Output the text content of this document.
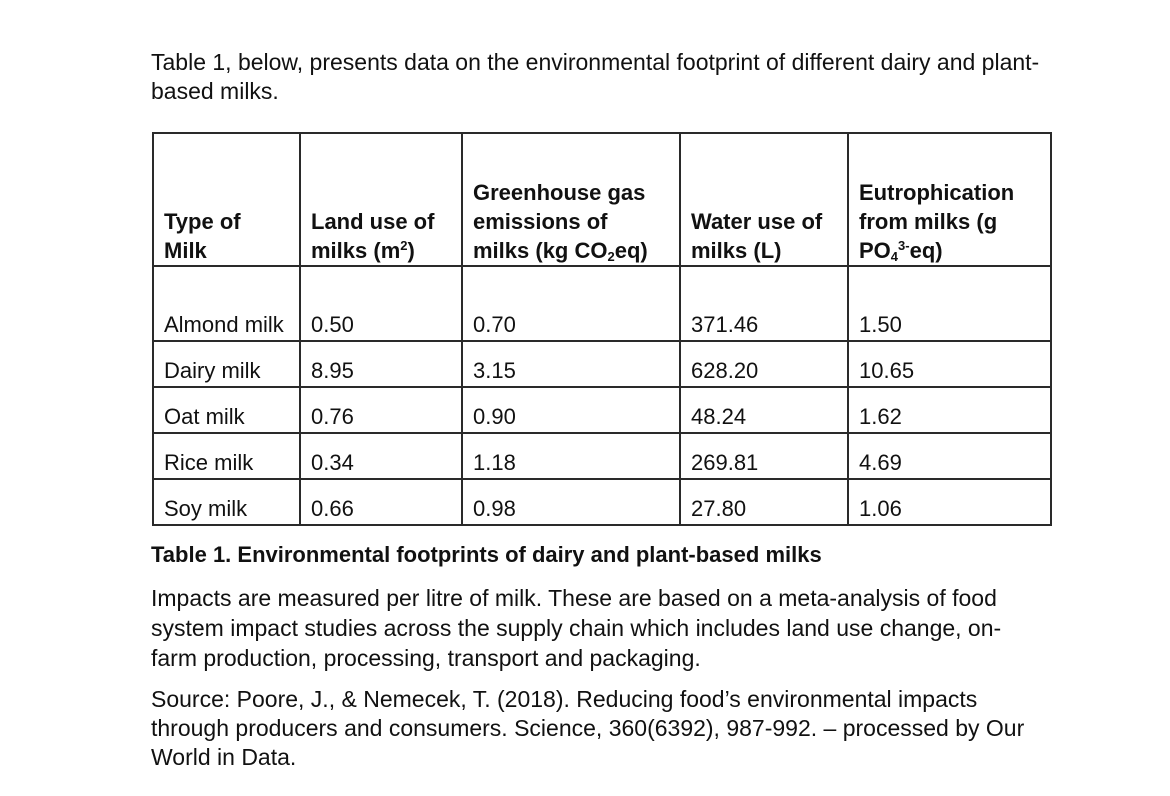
Table 1, below, presents data on the environmental footprint of different dairy and plant-based milks.

Type of Milk	Land use of milks $(m^2)$	Greenhouse gas emissions of milks (kg $CO_2eq$)	Water use of milks (L)	Eutrophication from milks (g $PO_4^{3-}eq$)
Almond milk	0.50	0.70	371.46	1.50
Dairy milk	8.95	3.15	628.20	10.65
Oat milk	0.76	0.90	48.24	1.62
Rice milk	0.34	1.18	269.81	4.69
Soy milk	0.66	0.98	27.80	1.06

Table 1. Environmental footprints of dairy and plant-based milks

Impacts are measured per litre of milk. These are based on a meta-analysis of food system impact studies across the supply chain which includes land use change, on-farm production, processing, transport and packaging.

Source: Poore, J., & Nemecek, T. (2018). Reducing food’s environmental impacts through producers and consumers. Science, 360(6392), 987-992. – processed by Our World in Data.
